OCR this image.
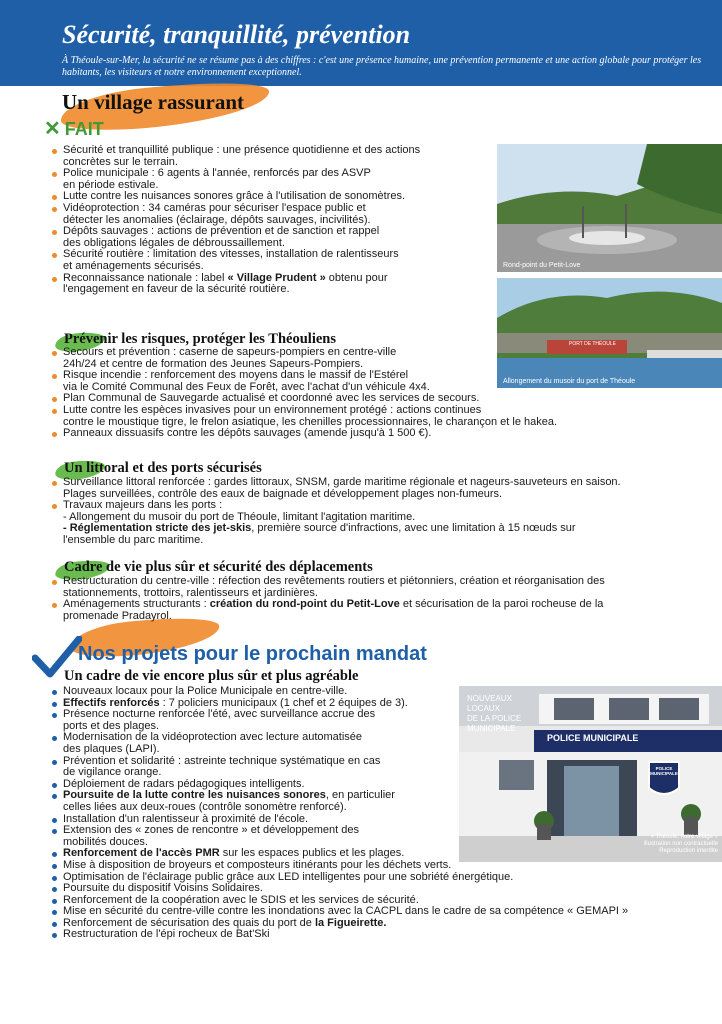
Sécurité, tranquillité, prévention
À Théoule-sur-Mer, la sécurité ne se résume pas à des chiffres : c'est une présence humaine, une prévention permanente et une action globale pour protéger les habitants, les visiteurs et notre environnement exceptionnel.
Un village rassurant
✕ FAIT
Sécurité et tranquillité publique : une présence quotidienne et des actions
concrètes sur le terrain.
Police municipale : 6 agents à l'année, renforcés par des ASVP
en période estivale.
Lutte contre les nuisances sonores grâce à l'utilisation de sonomètres.
Vidéoprotection : 34 caméras pour sécuriser l'espace public et
détecter les anomalies (éclairage, dépôts sauvages, incivilités).
Dépôts sauvages : actions de prévention et de sanction et rappel
des obligations légales de débroussaillement.
Sécurité routière : limitation des vitesses, installation de ralentisseurs
et aménagements sécurisés.
Reconnaissance nationale : label « Village Prudent » obtenu pour
l'engagement en faveur de la sécurité routière.
Rond-point du Petit-Love
PORT DE THÉOULE
Allongement du musoir du port de Théoule
Prévenir les risques, protéger les Théouliens
Secours et prévention : caserne de sapeurs-pompiers en centre-ville
24h/24 et centre de formation des Jeunes Sapeurs-Pompiers.
Risque incendie : renforcement des moyens dans le massif de l'Estérel
via le Comité Communal des Feux de Forêt, avec l'achat d'un véhicule 4x4.
Plan Communal de Sauvegarde actualisé et coordonné avec les services de secours.
Lutte contre les espèces invasives pour un environnement protégé : actions continues
contre le moustique tigre, le frelon asiatique, les chenilles processionnaires, le charançon et le hakea.
Panneaux dissuasifs contre les dépôts sauvages (amende jusqu'à 1 500 €).
Un littoral et des ports sécurisés
Surveillance littoral renforcée : gardes littoraux, SNSM, garde maritime régionale et nageurs-sauveteurs en saison.
Plages surveillées, contrôle des eaux de baignade et développement plages non-fumeurs.
Travaux majeurs dans les ports :
- Allongement du musoir du port de Théoule, limitant l'agitation maritime.
- Réglementation stricte des jet-skis, première source d'infractions, avec une limitation à 15 nœuds sur
l'ensemble du parc maritime.
Cadre de vie plus sûr et sécurité des déplacements
Restructuration du centre-ville : réfection des revêtements routiers et piétonniers, création et réorganisation des
stationnements, trottoirs, ralentisseurs et jardinières.
Aménagements structurants : création du rond-point du Petit-Love et sécurisation de la paroi rocheuse de la
promenade Pradayrol.
Nos projets pour le prochain mandat
Un cadre de vie encore plus sûr et plus agréable
Nouveaux locaux pour la Police Municipale en centre-ville.
Effectifs renforcés : 7 policiers municipaux (1 chef et 2 équipes de 3).
Présence nocturne renforcée l'été, avec surveillance accrue des
ports et des plages.
Modernisation de la vidéoprotection avec lecture automatisée
des plaques (LAPI).
Prévention et solidarité : astreinte technique systématique en cas
de vigilance orange.
Déploiement de radars pédagogiques intelligents.
Poursuite de la lutte contre les nuisances sonores, en particulier
celles liées aux deux-roues (contrôle sonomètre renforcé).
Installation d'un ralentisseur à proximité de l'école.
Extension des « zones de rencontre » et développement des
mobilités douces.
Renforcement de l'accès PMR sur les espaces publics et les plages.
Mise à disposition de broyeurs et composteurs itinérants pour les déchets verts.
Optimisation de l'éclairage public grâce aux LED intelligentes pour une sobriété énergétique.
Poursuite du dispositif Voisins Solidaires.
Renforcement de la coopération avec le SDIS et les services de sécurité.
Mise en sécurité du centre-ville contre les inondations avec la CACPL dans le cadre de sa compétence « GEMAPI »
Renforcement de sécurisation des quais du port de la Figueirette.
Restructuration de l'épi rocheux de Bat'Ski
NOUVEAUX
LOCAUX
DE LA POLICE
MUNICIPALE
POLICE MUNICIPALE
POLICE
MUNICIPALE
« Théoule, notre village »
illustration non contractuelle
Reproduction interdite
